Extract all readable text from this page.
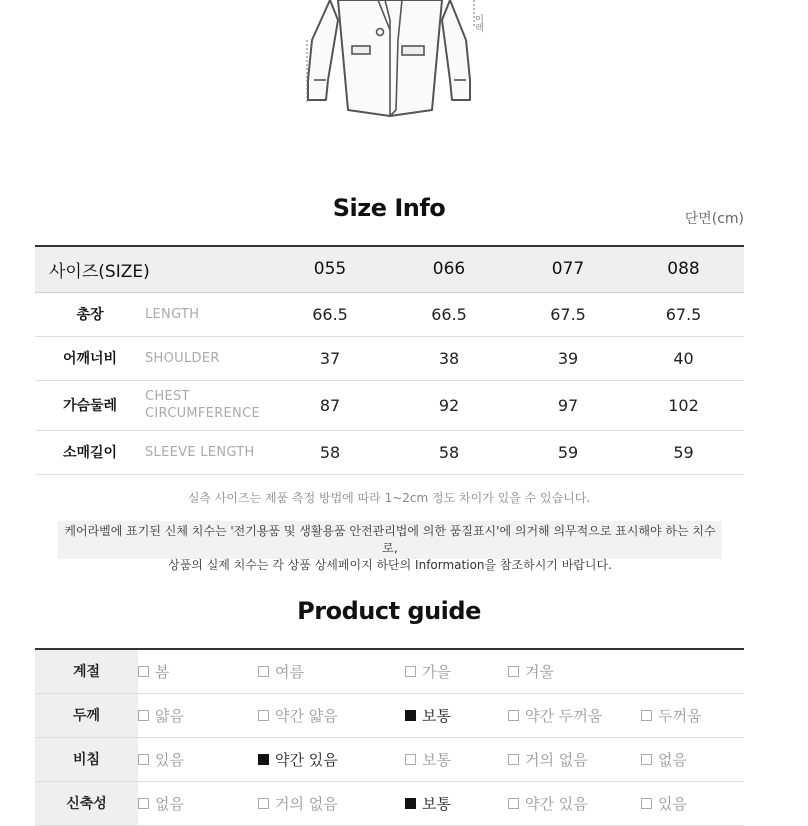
이렉
Size Info	단면(cm)
사이즈(SIZE)		055	066	077	088
총장	LENGTH	66.5	66.5	67.5	67.5
어깨너비	SHOULDER	37	38	39	40
가슴둘레	CHEST CIRCUMFERENCE	87	92	97	102
소매길이	SLEEVE LENGTH	58	58	59	59
실측 사이즈는 제품 측정 방법에 따라 1~2cm 정도 차이가 있을 수 있습니다.
케어라벨에 표기된 신체 치수는 '전기용품 및 생활용품 안전관리법에 의한 품질표시'에 의거해 의무적으로 표시해야 하는 치수로,
상품의 실제 치수는 각 상품 상세페이지 하단의 Information을 참조하시기 바랍니다.
Product guide
계절	봄	여름	가을	겨울	
두께	얇음	약간 얇음	보통	약간 두꺼움	두꺼움
비침	있음	약간 있음	보통	거의 없음	없음
신축성	없음	거의 없음	보통	약간 있음	있음
